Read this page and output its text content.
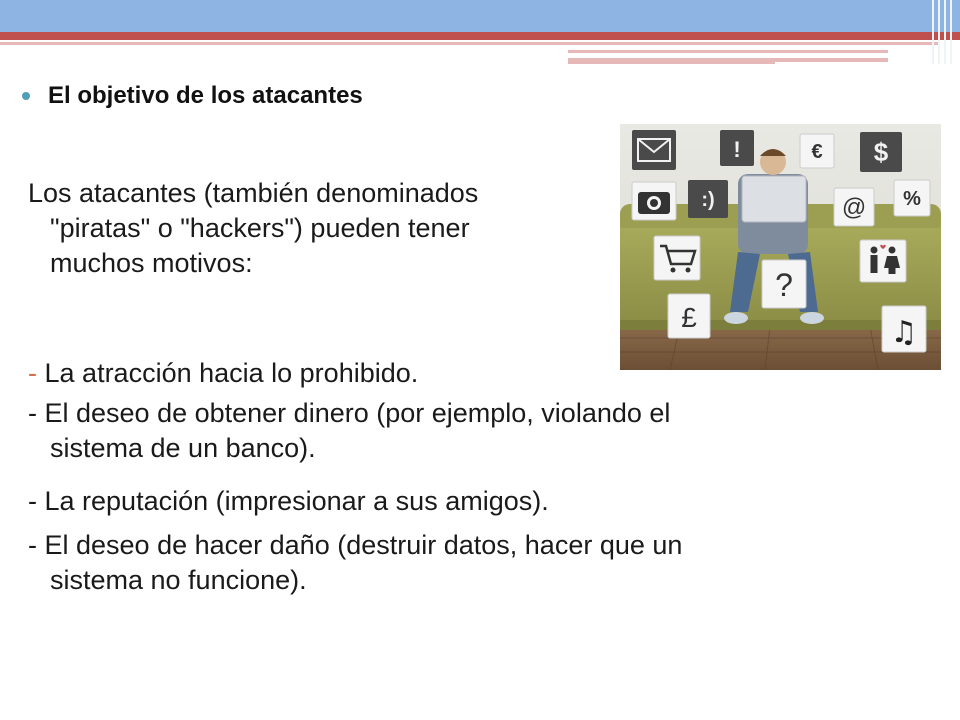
El objetivo de los atacantes
Los atacantes (también denominados

"piratas" o "hackers") pueden tener
muchos motivos:
- La atracción hacia lo prohibido.
- El deseo de obtener dinero (por ejemplo, violando el

sistema de un banco).
- La reputación (impresionar a sus amigos).
- El deseo de hacer daño (destruir datos, hacer que un

sistema no funcione).
!	€ $
:)	@ %
?
£	♫
